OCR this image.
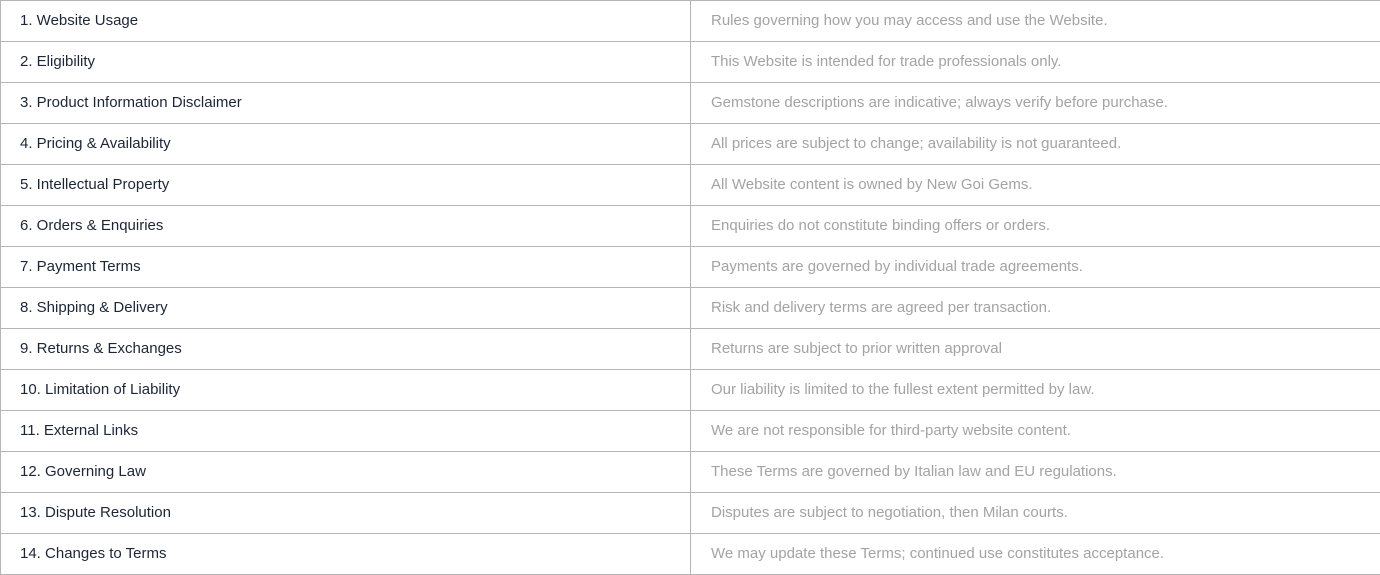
1. Website Usage	Rules governing how you may access and use the Website.
2. Eligibility	This Website is intended for trade professionals only.
3. Product Information Disclaimer	Gemstone descriptions are indicative; always verify before purchase.
4. Pricing & Availability	All prices are subject to change; availability is not guaranteed.
5. Intellectual Property	All Website content is owned by New Goi Gems.
6. Orders & Enquiries	Enquiries do not constitute binding offers or orders.
7. Payment Terms	Payments are governed by individual trade agreements.
8. Shipping & Delivery	Risk and delivery terms are agreed per transaction.
9. Returns & Exchanges	Returns are subject to prior written approval
10. Limitation of Liability	Our liability is limited to the fullest extent permitted by law.
11. External Links	We are not responsible for third-party website content.
12. Governing Law	These Terms are governed by Italian law and EU regulations.
13. Dispute Resolution	Disputes are subject to negotiation, then Milan courts.
14. Changes to Terms	We may update these Terms; continued use constitutes acceptance.
